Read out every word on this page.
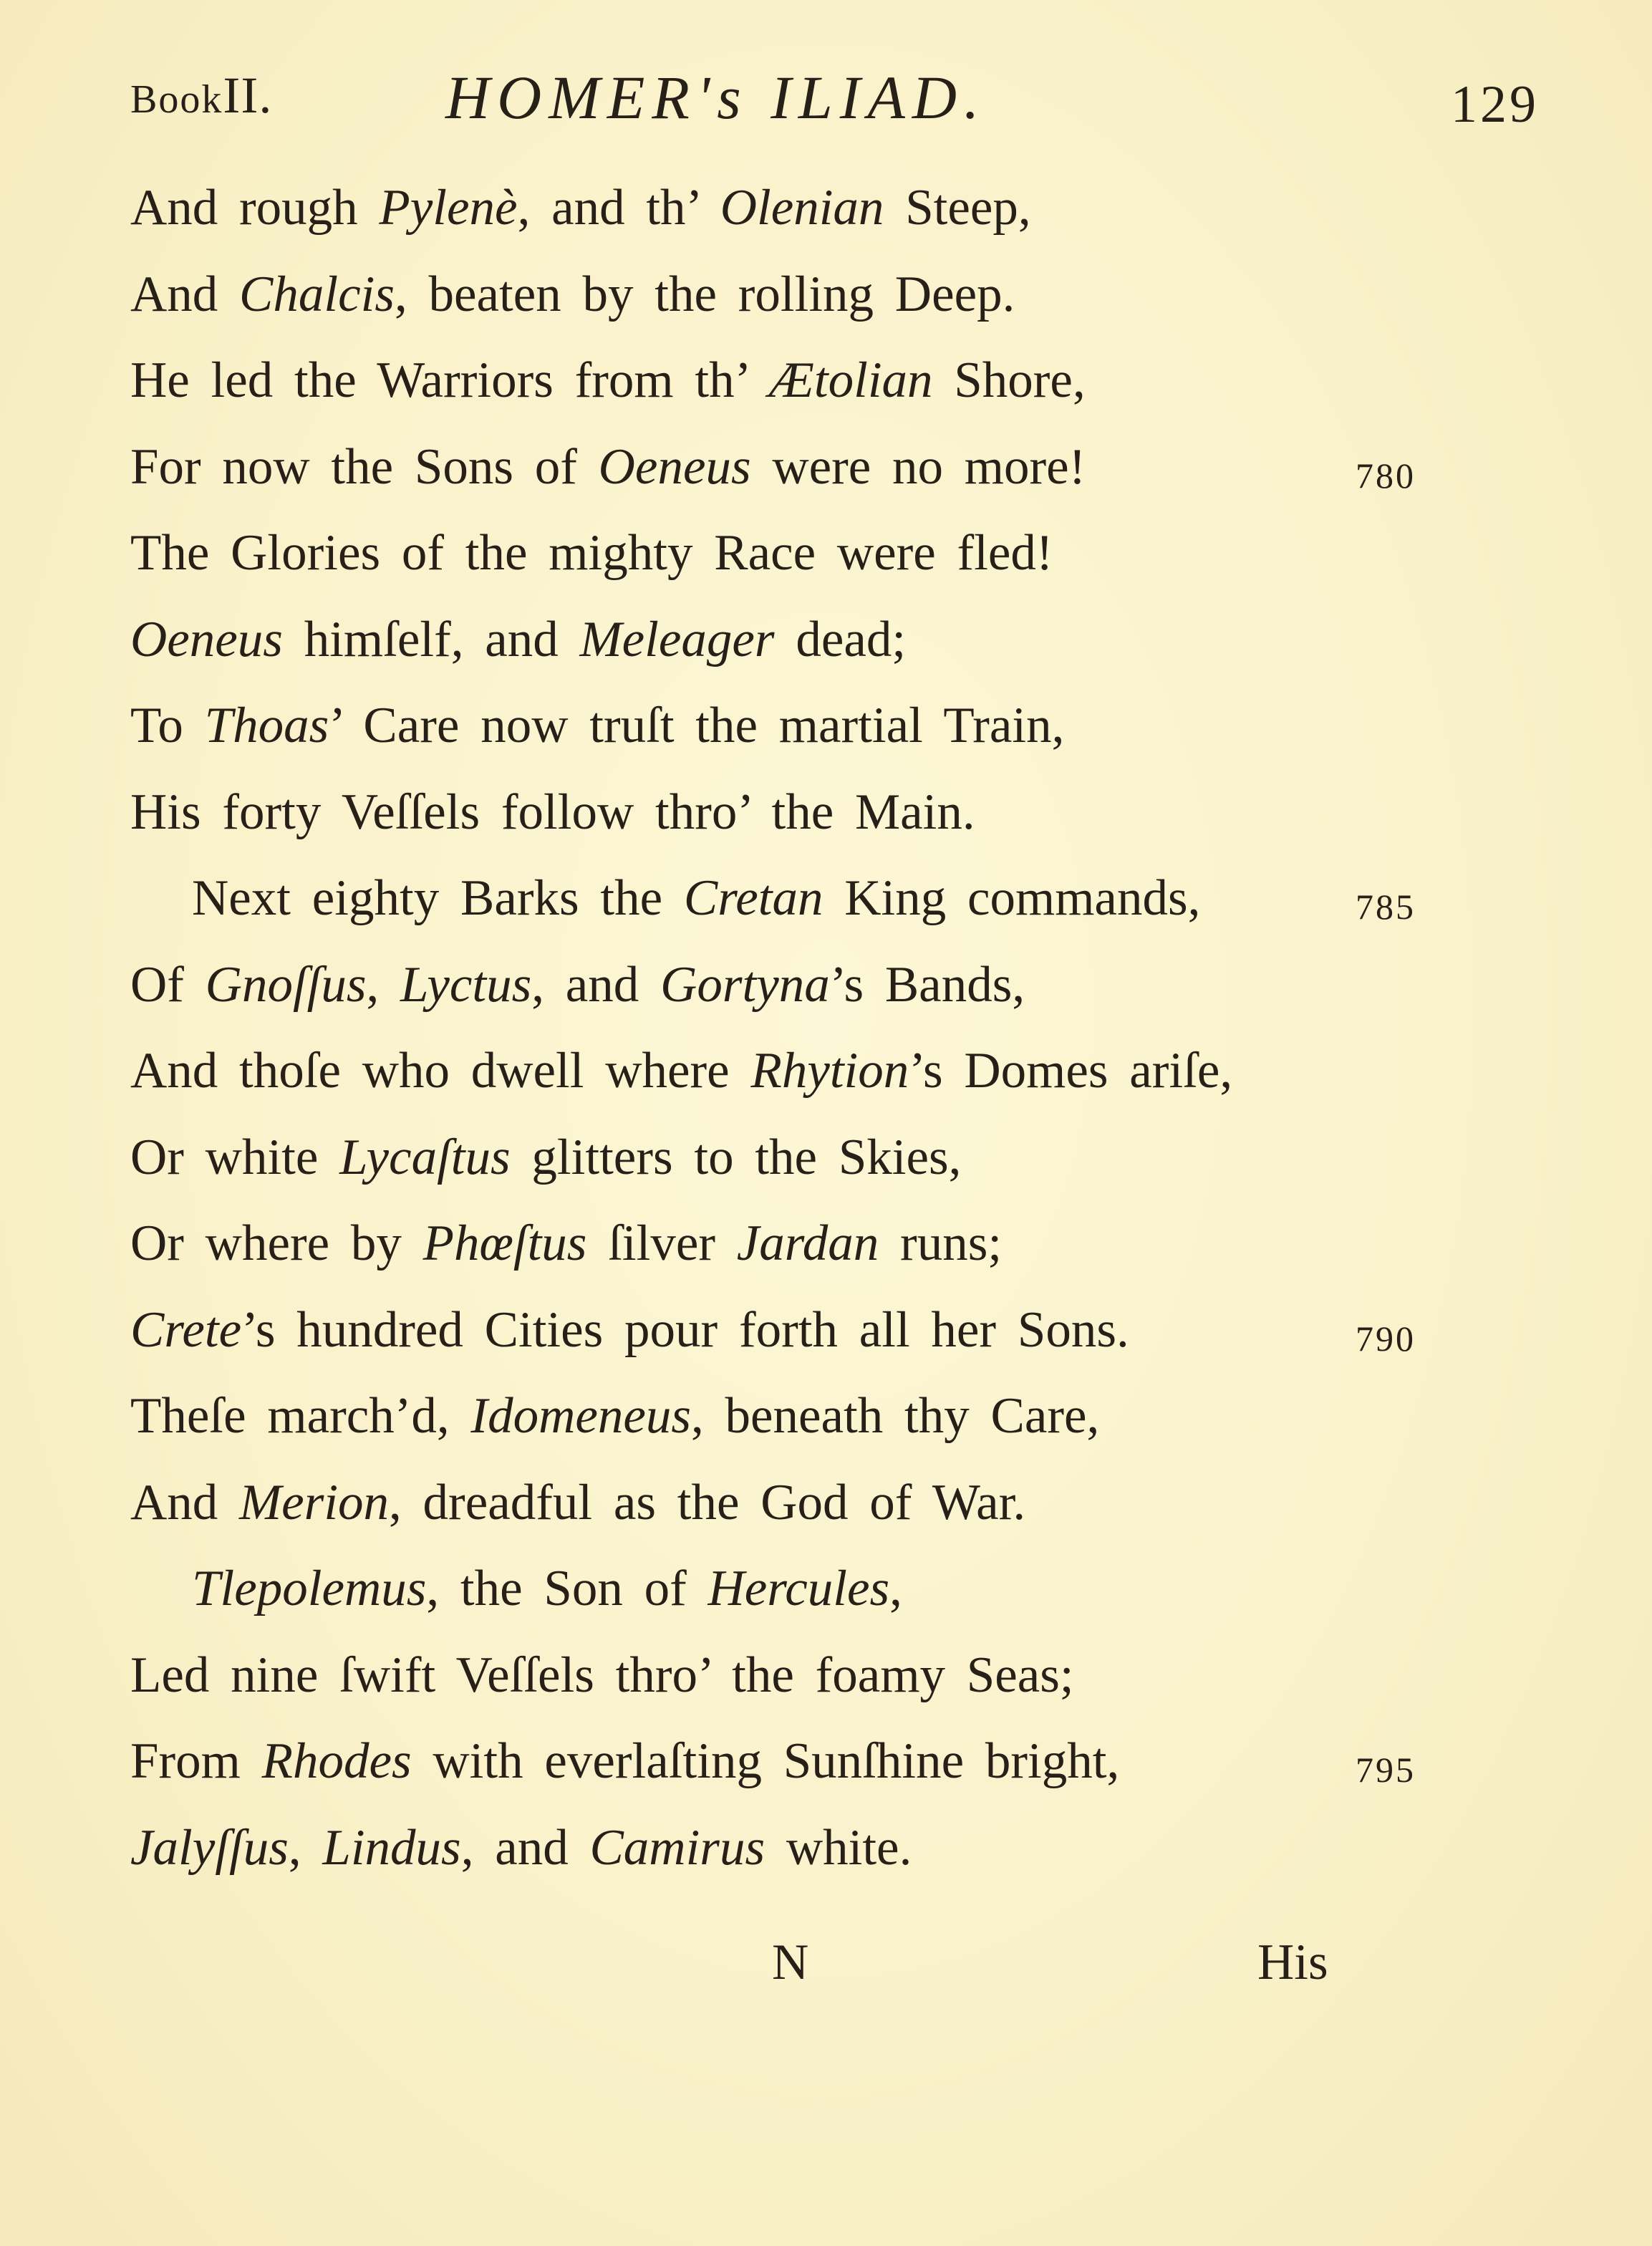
BookII.	HOMER's ILIAD.	129
And rough Pylenè, and th’ Olenian Steep,
And Chalcis, beaten by the rolling Deep.
He led the Warriors from th’ Ætolian Shore,
For now the Sons of Oeneus were no more!	780
The Glories of the mighty Race were fled!
Oeneus himſelf, and Meleager dead;
To Thoas’ Care now truſt the martial Train,
His forty Veſſels follow thro’ the Main.
Next eighty Barks the Cretan King commands,	785
Of Gnoſſus, Lyctus, and Gortyna’s Bands,
And thoſe who dwell where Rhytion’s Domes ariſe,
Or white Lycaſtus glitters to the Skies,
Or where by Phœſtus ſilver Jardan runs;
Crete’s hundred Cities pour forth all her Sons.	790
Theſe march’d, Idomeneus, beneath thy Care,
And Merion, dreadful as the God of War.
Tlepolemus, the Son of Hercules,
Led nine ſwift Veſſels thro’ the foamy Seas;
From Rhodes with everlaſting Sunſhine bright,	795
Jalyſſus, Lindus, and Camirus white.
N	His
